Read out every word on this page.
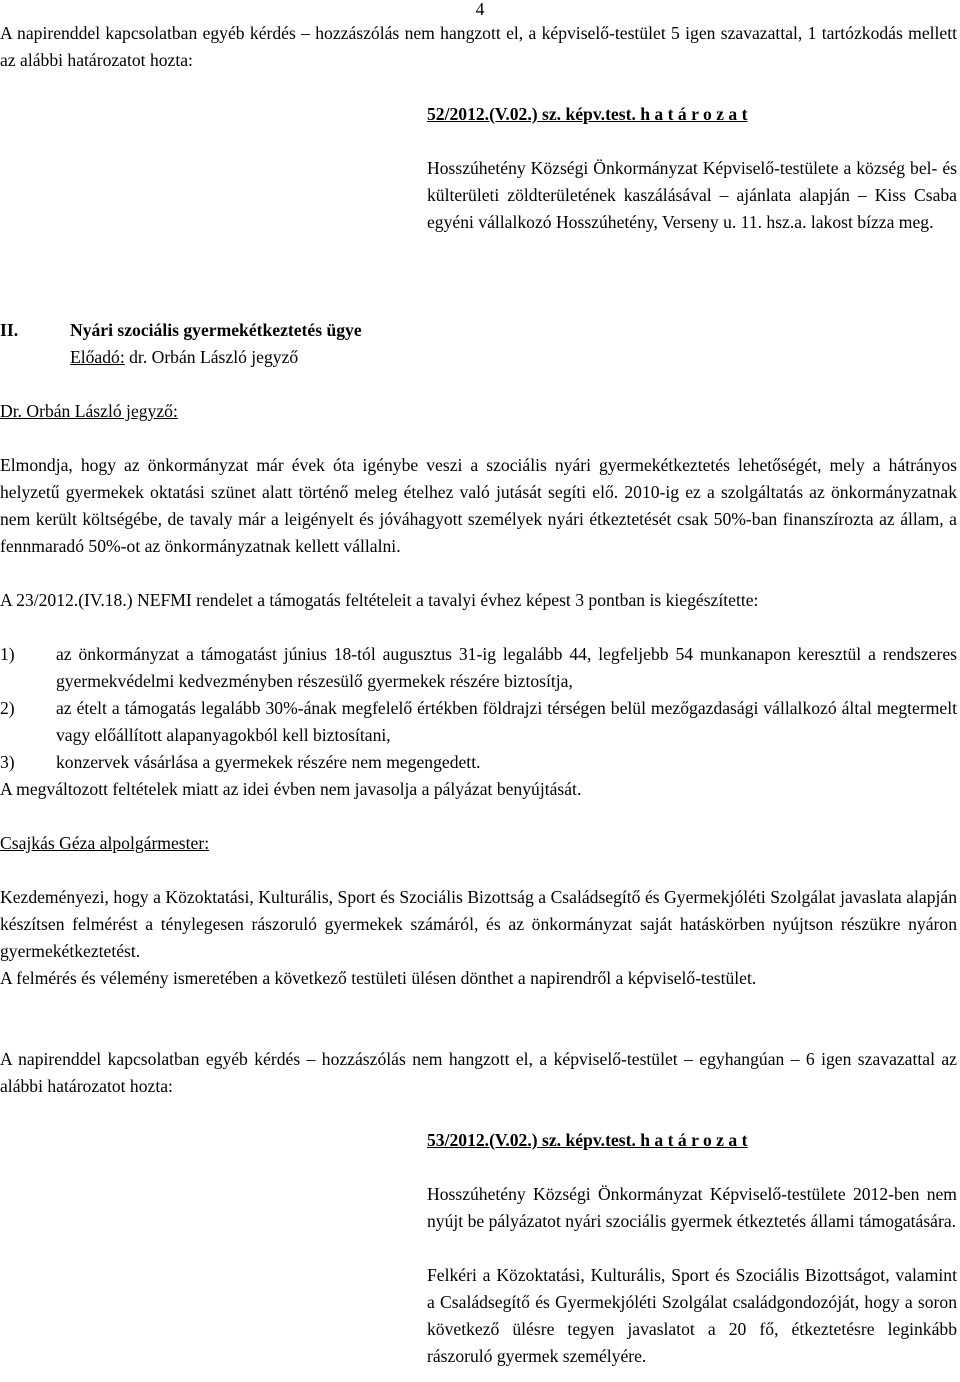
4

A napirenddel kapcsolatban egyéb kérdés – hozzászólás nem hangzott el, a képviselő-testület 5 igen szavazattal, 1 tartózkodás mellett az alábbi határozatot hozta:

52/2012.(V.02.) sz. képv.test. h a t á r o z a t

Hosszúhetény Községi Önkormányzat Képviselő-testülete a község bel- és külterületi zöldterületének kaszálásával – ajánlata alapján – Kiss Csaba egyéni vállalkozó Hosszúhetény, Verseny u. 11. hsz.a. lakost bízza meg.

II.	Nyári szociális gyermekétkeztetés ügye
Előadó: dr. Orbán László jegyző

Dr. Orbán László jegyző:

Elmondja, hogy az önkormányzat már évek óta igénybe veszi a szociális nyári gyermekétkeztetés lehetőségét, mely a hátrányos helyzetű gyermekek oktatási szünet alatt történő meleg ételhez való jutását segíti elő. 2010-ig ez a szolgáltatás az önkormányzatnak nem került költségébe, de tavaly már a leigényelt és jóváhagyott személyek nyári étkeztetését csak 50%-ban finanszírozta az állam, a fennmaradó 50%-ot az önkormányzatnak kellett vállalni.

A 23/2012.(IV.18.) NEFMI rendelet a támogatás feltételeit a tavalyi évhez képest 3 pontban is kiegészítette:

1) az önkormányzat a támogatást június 18-tól augusztus 31-ig legalább 44, legfeljebb 54 munkanapon keresztül a rendszeres gyermekvédelmi kedvezményben részesülő gyermekek részére biztosítja,
2) az ételt a támogatás legalább 30%-ának megfelelő értékben földrajzi térségen belül mezőgazdasági vállalkozó által megtermelt vagy előállított alapanyagokból kell biztosítani,
3) konzervek vásárlása a gyermekek részére nem megengedett.

A megváltozott feltételek miatt az idei évben nem javasolja a pályázat benyújtását.

Csajkás Géza alpolgármester:

Kezdeményezi, hogy a Közoktatási, Kulturális, Sport és Szociális Bizottság a Családsegítő és Gyermekjóléti Szolgálat javaslata alapján készítsen felmérést a ténylegesen rászoruló gyermekek számáról, és az önkormányzat saját hatáskörben nyújtson részükre nyáron gyermekétkeztetést.

A felmérés és vélemény ismeretében a következő testületi ülésen dönthet a napirendről a képviselő-testület.

A napirenddel kapcsolatban egyéb kérdés – hozzászólás nem hangzott el, a képviselő-testület – egyhangúan – 6 igen szavazattal az alábbi határozatot hozta:

53/2012.(V.02.) sz. képv.test. h a t á r o z a t

Hosszúhetény Községi Önkormányzat Képviselő-testülete 2012-ben nem nyújt be pályázatot nyári szociális gyermek étkeztetés állami támogatására.

Felkéri a Közoktatási, Kulturális, Sport és Szociális Bizottságot, valamint a Családsegítő és Gyermekjóléti Szolgálat családgondozóját, hogy a soron következő ülésre tegyen javaslatot a 20 fő, étkeztetésre leginkább rászoruló gyermek személyére.
